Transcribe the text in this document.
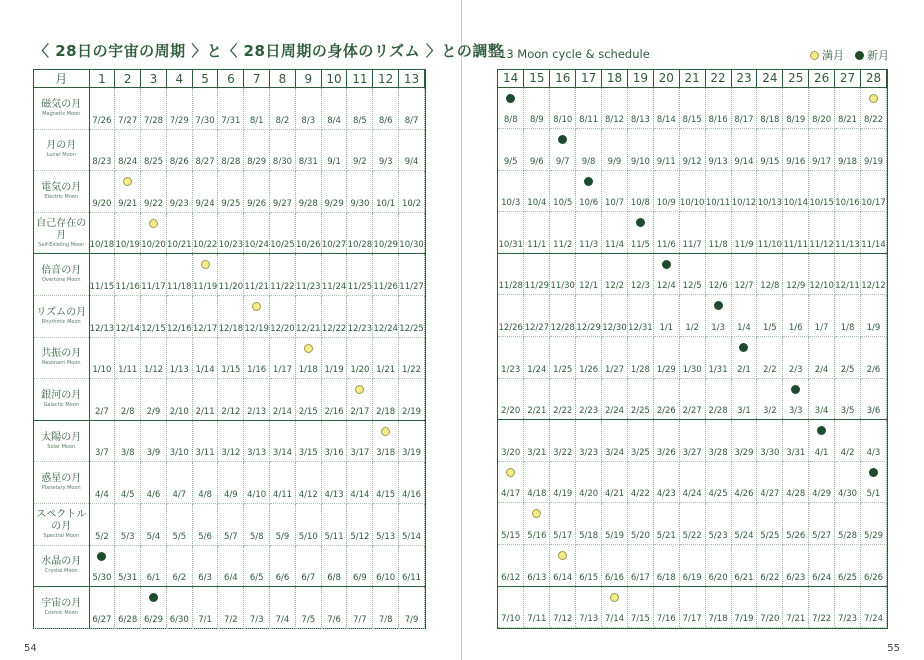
〈 28日の宇宙の周期 〉と〈 28日周期の身体のリズム 〉との調整
13 Moon cycle & schedule	満月 新月
月	1	2	3	4	5	6	7	8	9	10	11	12	13

磁気の月
Magnetic Moon	7/26	7/27	7/28	7/29	7/30	7/31	8/1	8/2	8/3	8/4	8/5	8/6	8/7

月の月
Lunar Moon	8/23	8/24	8/25	8/26	8/27	8/28	8/29	8/30	8/31	9/1	9/2	9/3	9/4

電気の月
Electric Moon	9/20	9/21	9/22	9/23	9/24	9/25	9/26	9/27	9/28	9/29	9/30	10/1	10/2

自己存在の月
Self-Existing Moon	10/18	10/19	10/20	10/21	10/22	10/23	10/24	10/25	10/26	10/27	10/28	10/29	10/30

倍音の月
Overtone Moon	11/15	11/16	11/17	11/18	11/19	11/20	11/21	11/22	11/23	11/24	11/25	11/26	11/27

リズムの月
Rhythmic Moon	12/13	12/14	12/15	12/16	12/17	12/18	12/19	12/20	12/21	12/22	12/23	12/24	12/25

共振の月
Resonant Moon	1/10	1/11	1/12	1/13	1/14	1/15	1/16	1/17	1/18	1/19	1/20	1/21	1/22

銀河の月
Galactic Moon	2/7	2/8	2/9	2/10	2/11	2/12	2/13	2/14	2/15	2/16	2/17	2/18	2/19

太陽の月
Solar Moon	3/7	3/8	3/9	3/10	3/11	3/12	3/13	3/14	3/15	3/16	3/17	3/18	3/19

惑星の月
Planetary Moon	4/4	4/5	4/6	4/7	4/8	4/9	4/10	4/11	4/12	4/13	4/14	4/15	4/16

スペクトルの月
Spectral Moon	5/2	5/3	5/4	5/5	5/6	5/7	5/8	5/9	5/10	5/11	5/12	5/13	5/14

水晶の月
Crystal Moon	5/30	5/31	6/1	6/2	6/3	6/4	6/5	6/6	6/7	6/8	6/9	6/10	6/11

宇宙の月
Cosmic Moon	6/27	6/28	6/29	6/30	7/1	7/2	7/3	7/4	7/5	7/6	7/7	7/8	7/9
14	15	16	17	18	19	20	21	22	23	24	25	26	27	28

8/8	8/9	8/10	8/11	8/12	8/13	8/14	8/15	8/16	8/17	8/18	8/19	8/20	8/21	8/22

9/5	9/6	9/7	9/8	9/9	9/10	9/11	9/12	9/13	9/14	9/15	9/16	9/17	9/18	9/19

10/3	10/4	10/5	10/6	10/7	10/8	10/9	10/10	10/11	10/12	10/13	10/14	10/15	10/16	10/17

10/31	11/1	11/2	11/3	11/4	11/5	11/6	11/7	11/8	11/9	11/10	11/11	11/12	11/13	11/14

11/28	11/29	11/30	12/1	12/2	12/3	12/4	12/5	12/6	12/7	12/8	12/9	12/10	12/11	12/12

12/26	12/27	12/28	12/29	12/30	12/31	1/1	1/2	1/3	1/4	1/5	1/6	1/7	1/8	1/9

1/23	1/24	1/25	1/26	1/27	1/28	1/29	1/30	1/31	2/1	2/2	2/3	2/4	2/5	2/6

2/20	2/21	2/22	2/23	2/24	2/25	2/26	2/27	2/28	3/1	3/2	3/3	3/4	3/5	3/6

3/20	3/21	3/22	3/23	3/24	3/25	3/26	3/27	3/28	3/29	3/30	3/31	4/1	4/2	4/3

4/17	4/18	4/19	4/20	4/21	4/22	4/23	4/24	4/25	4/26	4/27	4/28	4/29	4/30	5/1

5/15	5/16	5/17	5/18	5/19	5/20	5/21	5/22	5/23	5/24	5/25	5/26	5/27	5/28	5/29

6/12	6/13	6/14	6/15	6/16	6/17	6/18	6/19	6/20	6/21	6/22	6/23	6/24	6/25	6/26

7/10	7/11	7/12	7/13	7/14	7/15	7/16	7/17	7/18	7/19	7/20	7/21	7/22	7/23	7/24
54	55
